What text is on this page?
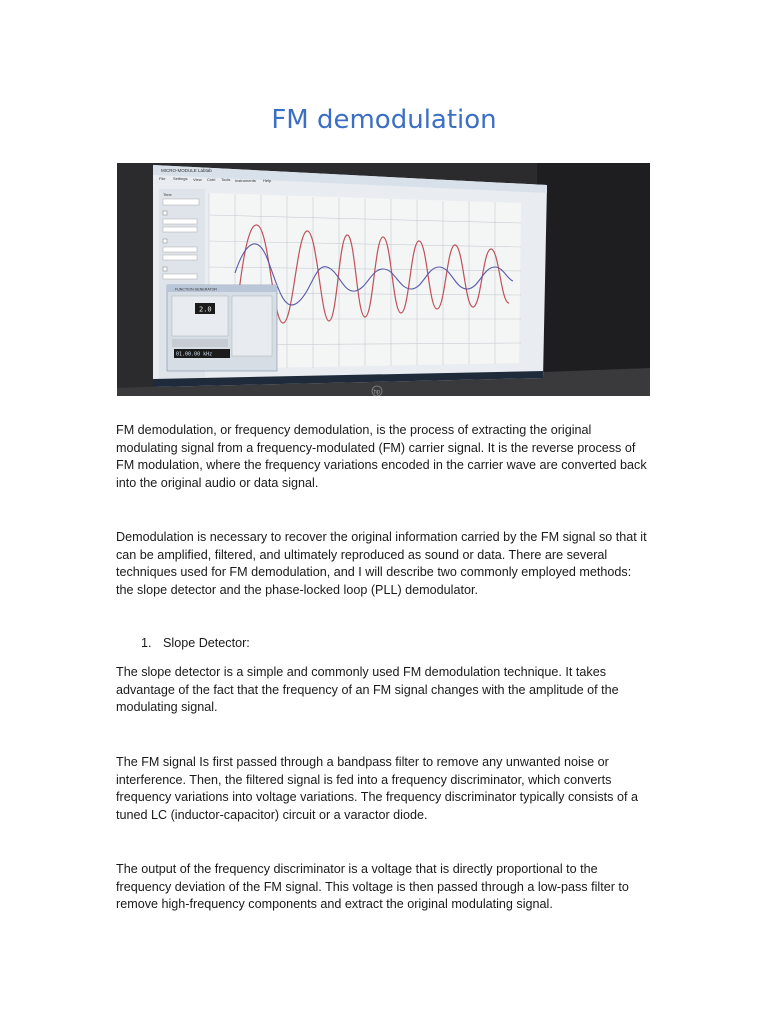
FM demodulation
MICRO-MODULE Labtab
File Settings View Cntrl Tools Instruments Help
Time
FUNCTION GENERATOR
2.0
01.00.00 kHz
hp

FM demodulation, or frequency demodulation, is the process of extracting the original modulating signal from a frequency-modulated (FM) carrier signal. It is the reverse process of FM modulation, where the frequency variations encoded in the carrier wave are converted back into the original audio or data signal.

Demodulation is necessary to recover the original information carried by the FM signal so that it can be amplified, filtered, and ultimately reproduced as sound or data. There are several techniques used for FM demodulation, and I will describe two commonly employed methods: the slope detector and the phase-locked loop (PLL) demodulator.

1. Slope Detector:

The slope detector is a simple and commonly used FM demodulation technique. It takes advantage of the fact that the frequency of an FM signal changes with the amplitude of the modulating signal.

The FM signal Is first passed through a bandpass filter to remove any unwanted noise or interference. Then, the filtered signal is fed into a frequency discriminator, which converts frequency variations into voltage variations. The frequency discriminator typically consists of a tuned LC (inductor-capacitor) circuit or a varactor diode.

The output of the frequency discriminator is a voltage that is directly proportional to the frequency deviation of the FM signal. This voltage is then passed through a low-pass filter to remove high-frequency components and extract the original modulating signal.
